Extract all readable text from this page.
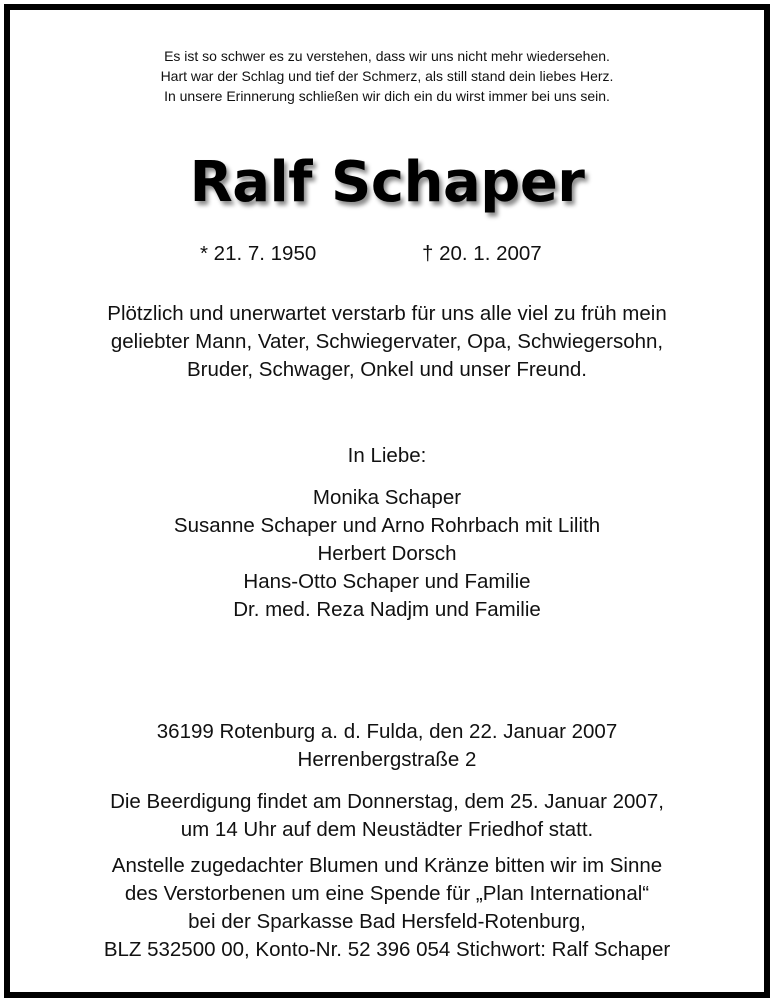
Es ist so schwer es zu verstehen, dass wir uns nicht mehr wiedersehen.

Hart war der Schlag und tief der Schmerz, als still stand dein liebes Herz.

In unsere Erinnerung schließen wir dich ein du wirst immer bei uns sein.

Ralf Schaper
* 21. 7. 1950	† 20. 1. 2007

Plötzlich und unerwartet verstarb für uns alle viel zu früh mein

geliebter Mann, Vater, Schwiegervater, Opa, Schwiegersohn,

Bruder, Schwager, Onkel und unser Freund.

In Liebe:

Monika Schaper

Susanne Schaper und Arno Rohrbach mit Lilith

Herbert Dorsch

Hans-Otto Schaper und Familie

Dr. med. Reza Nadjm und Familie

36199 Rotenburg a. d. Fulda, den 22. Januar 2007

Herrenbergstraße 2

Die Beerdigung findet am Donnerstag, dem 25. Januar 2007,

um 14 Uhr auf dem Neustädter Friedhof statt.

Anstelle zugedachter Blumen und Kränze bitten wir im Sinne

des Verstorbenen um eine Spende für „Plan International“

bei der Sparkasse Bad Hersfeld-Rotenburg,

BLZ 532500 00, Konto-Nr. 52 396 054 Stichwort: Ralf Schaper
